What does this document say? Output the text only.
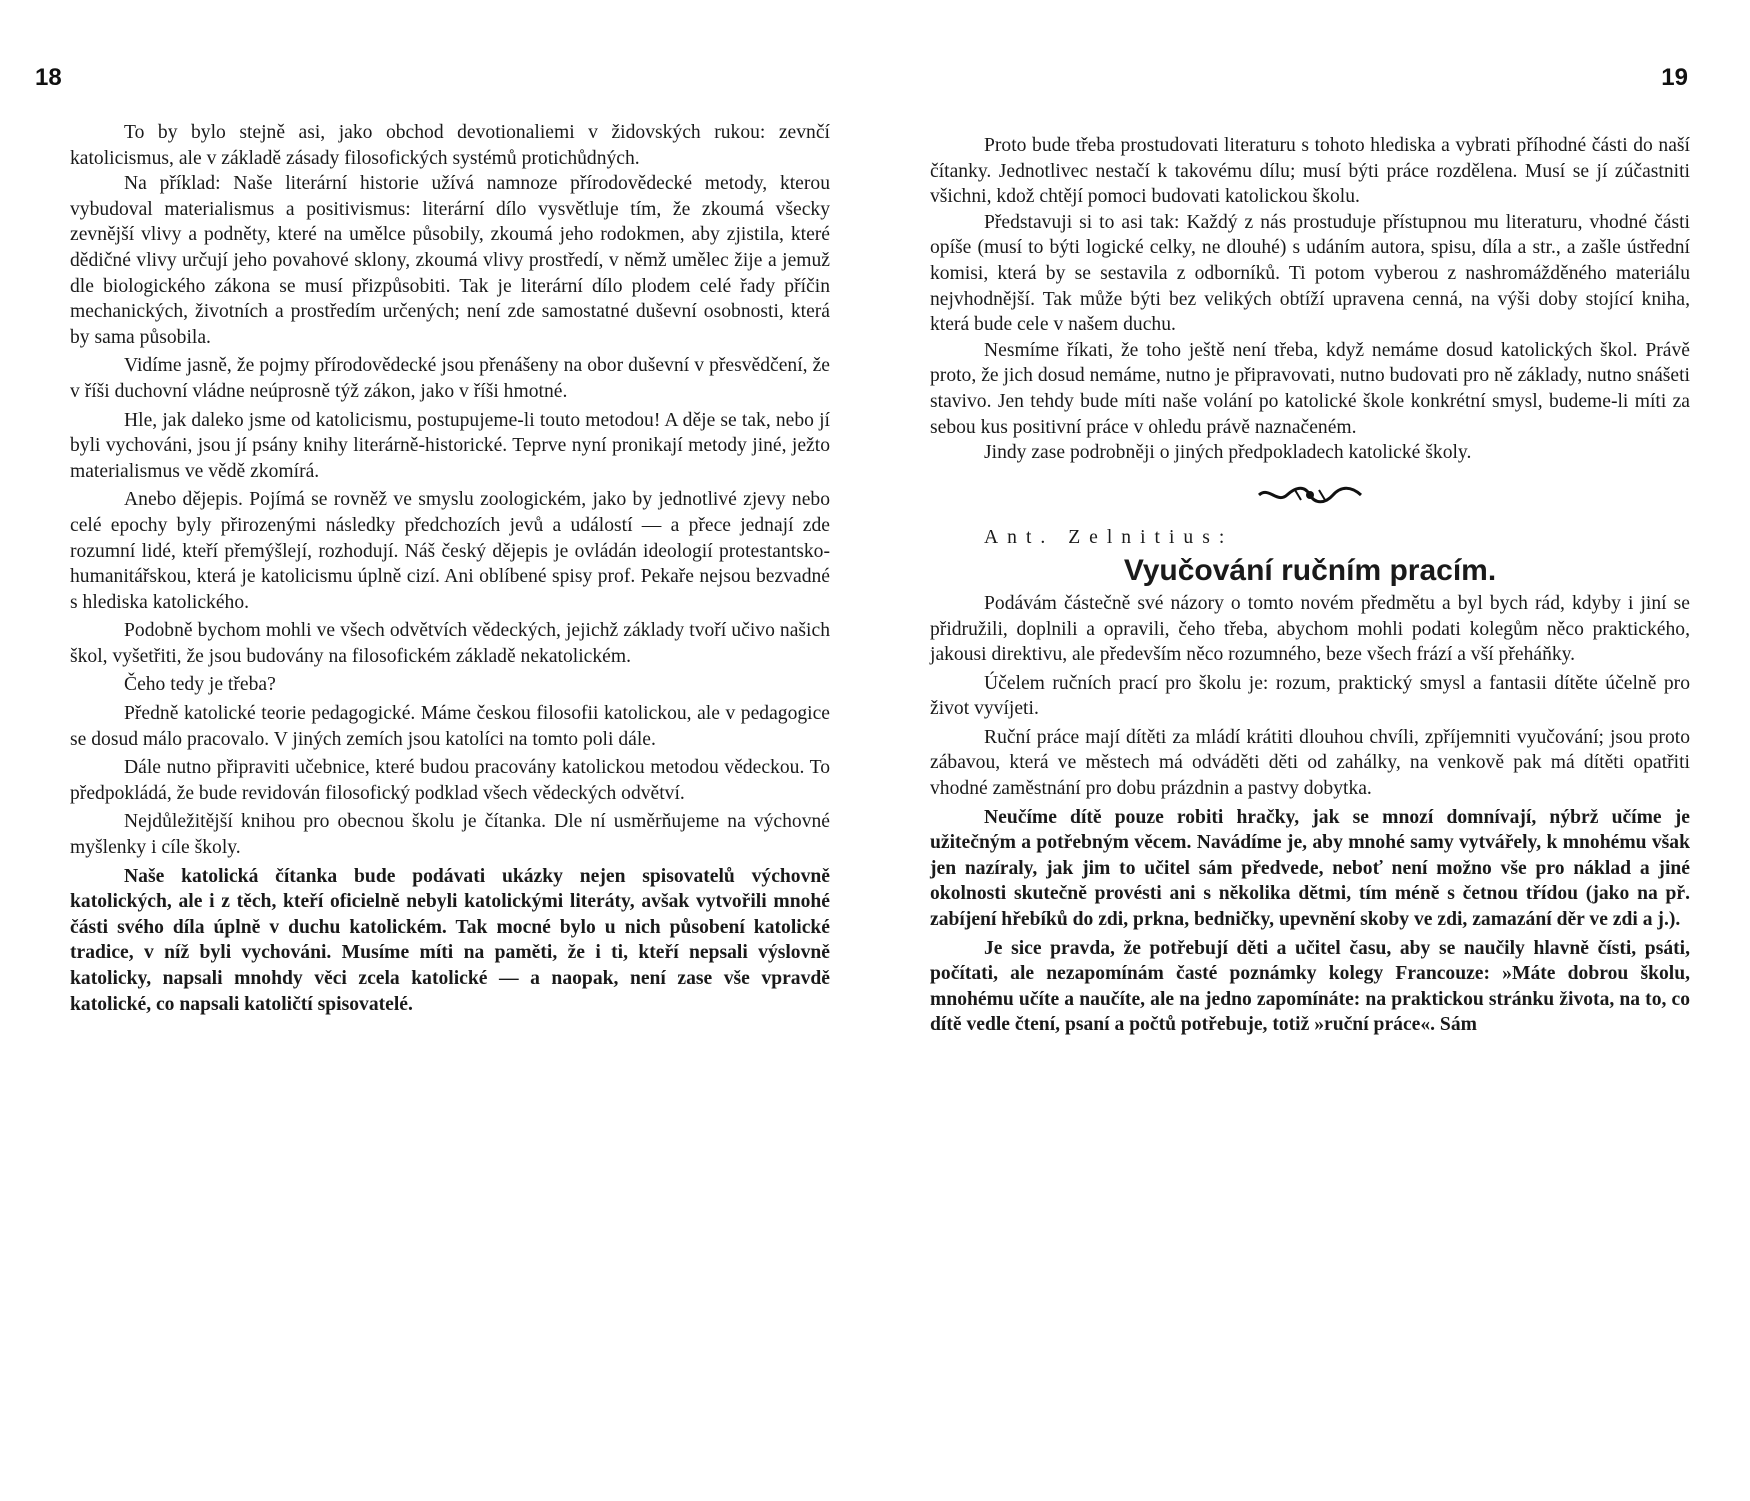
18

To by bylo stejně asi, jako obchod devotionaliemi v židovských rukou: zevnčí katolicismus, ale v základě zásady filosofických systémů protichůdných.

Na příklad: Naše literární historie užívá namnoze přírodovědecké metody, kterou vybudoval materialismus a positivismus: literární dílo vysvětluje tím, že zkoumá všecky zevnější vlivy a podněty, které na umělce působily, zkoumá jeho rodokmen, aby zjistila, které dědičné vlivy určují jeho povahové sklony, zkoumá vlivy prostředí, v němž umělec žije a jemuž dle biologického zákona se musí přizpůsobiti. Tak je literární dílo plodem celé řady příčin mechanických, životních a prostředím určených; není zde samostatné duševní osobnosti, která by sama působila.

Vidíme jasně, že pojmy přírodovědecké jsou přenášeny na obor duševní v přesvědčení, že v říši duchovní vládne neúprosně týž zákon, jako v říši hmotné.

Hle, jak daleko jsme od katolicismu, postupujeme-li touto metodou! A děje se tak, nebo jí byli vychováni, jsou jí psány knihy literárně-historické. Teprve nyní pronikají metody jiné, ježto materialismus ve vědě zkomírá.

Anebo dějepis. Pojímá se rovněž ve smyslu zoologickém, jako by jednotlivé zjevy nebo celé epochy byly přirozenými následky předchozích jevů a událostí — a přece jednají zde rozumní lidé, kteří přemýšlejí, rozhodují. Náš český dějepis je ovládán ideologií protestantsko-humanitářskou, která je katolicismu úplně cizí. Ani oblíbené spisy prof. Pekaře nejsou bezvadné s hlediska katolického.

Podobně bychom mohli ve všech odvětvích vědeckých, jejichž základy tvoří učivo našich škol, vyšetřiti, že jsou budovány na filosofickém základě nekatolickém.

Čeho tedy je třeba?

Předně katolické teorie pedagogické. Máme českou filosofii katolickou, ale v pedagogice se dosud málo pracovalo. V jiných zemích jsou katolíci na tomto poli dále.

Dále nutno připraviti učebnice, které budou pracovány katolickou metodou vědeckou. To předpokládá, že bude revidován filosofický podklad všech vědeckých odvětví.

Nejdůležitější knihou pro obecnou školu je čítanka. Dle ní usměrňujeme na výchovné myšlenky i cíle školy.

Naše katolická čítanka bude podávati ukázky nejen spisovatelů výchovně katolických, ale i z těch, kteří oficielně nebyli katolickými literáty, avšak vytvořili mnohé části svého díla úplně v duchu katolickém. Tak mocné bylo u nich působení katolické tradice, v níž byli vychováni. Musíme míti na paměti, že i ti, kteří nepsali výslovně katolicky, napsali mnohdy věci zcela katolické — a naopak, není zase vše vpravdě katolické, co napsali katoličtí spisovatelé.

19

Proto bude třeba prostudovati literaturu s tohoto hlediska a vybrati příhodné části do naší čítanky. Jednotlivec nestačí k takovému dílu; musí býti práce rozdělena. Musí se jí zúčastniti všichni, kdož chtějí pomoci budovati katolickou školu.

Představuji si to asi tak: Každý z nás prostuduje přístupnou mu literaturu, vhodné části opíše (musí to býti logické celky, ne dlouhé) s udáním autora, spisu, díla a str., a zašle ústřední komisi, která by se sestavila z odborníků. Ti potom vyberou z nashromážděného materiálu nejvhodnější. Tak může býti bez velikých obtíží upravena cenná, na výši doby stojící kniha, která bude cele v našem duchu.

Nesmíme říkati, že toho ještě není třeba, když nemáme dosud katolických škol. Právě proto, že jich dosud nemáme, nutno je připravovati, nutno budovati pro ně základy, nutno snášeti stavivo. Jen tehdy bude míti naše volání po katolické škole konkrétní smysl, budeme-li míti za sebou kus positivní práce v ohledu právě naznačeném.

Jindy zase podrobněji o jiných předpokladech katolické školy.

Ant. Zelnitius:

Vyučování ručním pracím.

Podávám částečně své názory o tomto novém předmětu a byl bych rád, kdyby i jiní se přidružili, doplnili a opravili, čeho třeba, abychom mohli podati kolegům něco praktického, jakousi direktivu, ale především něco rozumného, beze všech frází a vší přeháňky.

Účelem ručních prací pro školu je: rozum, praktický smysl a fantasii dítěte účelně pro život vyvíjeti.

Ruční práce mají dítěti za mládí krátiti dlouhou chvíli, zpříjemniti vyučování; jsou proto zábavou, která ve městech má odváděti děti od zahálky, na venkově pak má dítěti opatřiti vhodné zaměstnání pro dobu prázdnin a pastvy dobytka.

Neučíme dítě pouze robiti hračky, jak se mnozí domnívají, nýbrž učíme je užitečným a potřebným věcem. Navádíme je, aby mnohé samy vytvářely, k mnohému však jen nazíraly, jak jim to učitel sám předvede, neboť není možno vše pro náklad a jiné okolnosti skutečně provésti ani s několika dětmi, tím méně s četnou třídou (jako na př. zabíjení hřebíků do zdi, prkna, bedničky, upevnění skoby ve zdi, zamazání děr ve zdi a j.).

Je sice pravda, že potřebují děti a učitel času, aby se naučily hlavně čísti, psáti, počítati, ale nezapomínám časté poznámky kolegy Francouze: »Máte dobrou školu, mnohému učíte a naučíte, ale na jedno zapomínáte: na praktickou stránku života, na to, co dítě vedle čtení, psaní a počtů potřebuje, totiž »ruční práce«. Sám
